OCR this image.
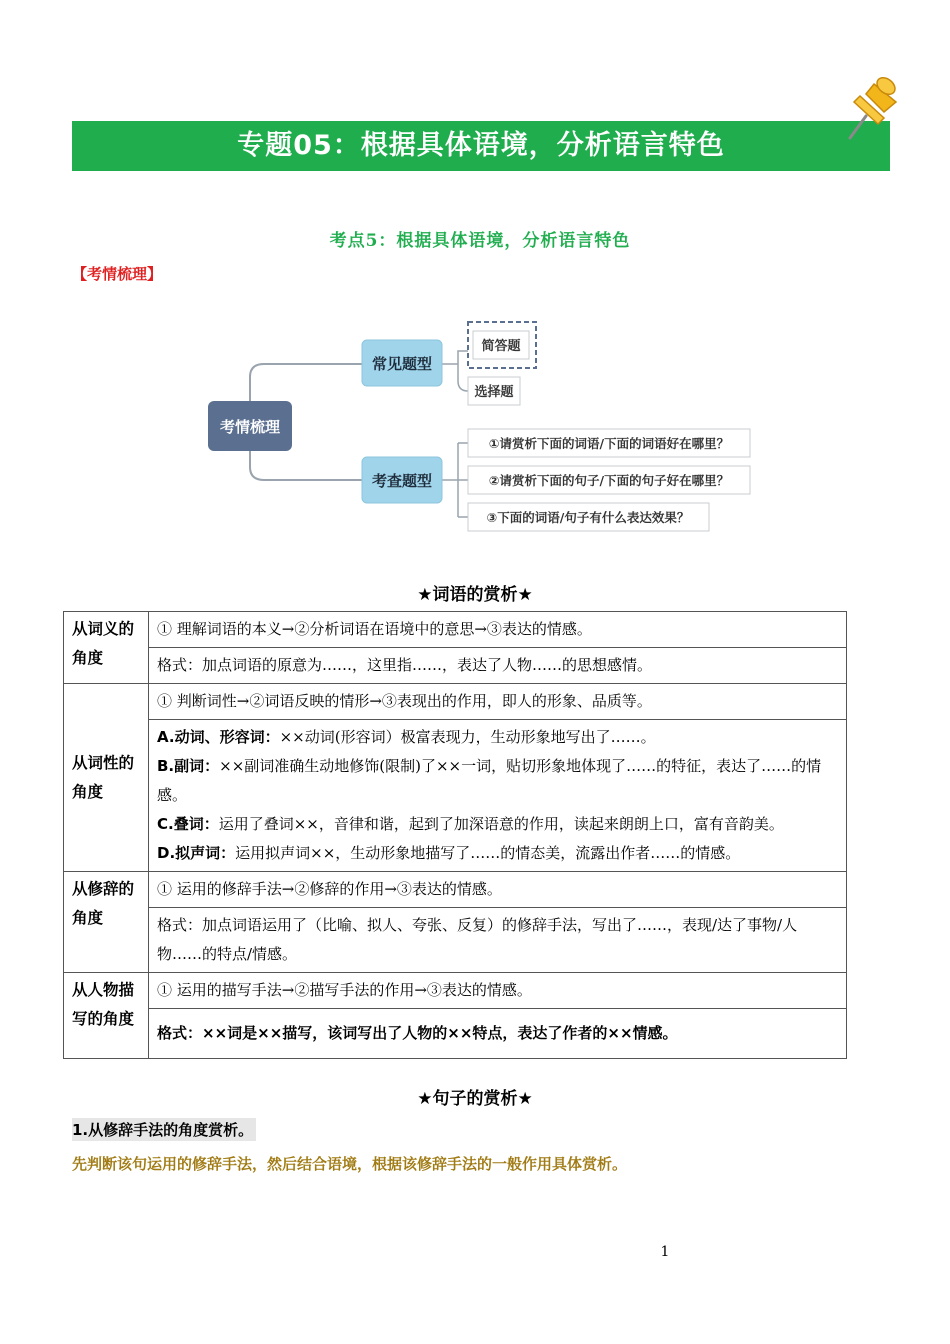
专题05：根据具体语境，分析语言特色
考点5：根据具体语境，分析语言特色
【考情梳理】
考情梳理
常见题型
简答题
选择题
考查题型
①请赏析下面的词语/下面的词语好在哪里？
②请赏析下面的句子/下面的句子好在哪里？
③下面的词语/句子有什么表达效果？
★词语的赏析★
从词义的角度	① 理解词语的本义→②分析词语在语境中的意思→③表达的情感。
	格式：加点词语的原意为……，这里指……，表达了人物……的思想感情。
从词性的角度	① 判断词性→②词语反映的情形→③表现出的作用，即人的形象、品质等。

	A.动词、形容词：××动词(形容词）极富表现力，生动形象地写出了……。
B.副词：××副词准确生动地修饰(限制)了××一词，贴切形象地体现了……的特征，表达了……的情感。
C.叠词：运用了叠词××，音律和谐，起到了加深语意的作用，读起来朗朗上口，富有音韵美。
D.拟声词：运用拟声词××，生动形象地描写了……的情态美，流露出作者……的情感。

从修辞的角度	① 运用的修辞手法→②修辞的作用→③表达的情感。
	格式：加点词语运用了（比喻、拟人、夸张、反复）的修辞手法，写出了……，表现/达了事物/人物……的特点/情感。
从人物描写的角度	① 运用的描写手法→②描写手法的作用→③表达的情感。
	格式：××词是××描写，该词写出了人物的××特点，表达了作者的××情感。
★句子的赏析★
1.从修辞手法的角度赏析。
先判断该句运用的修辞手法，然后结合语境，根据该修辞手法的一般作用具体赏析。
1
